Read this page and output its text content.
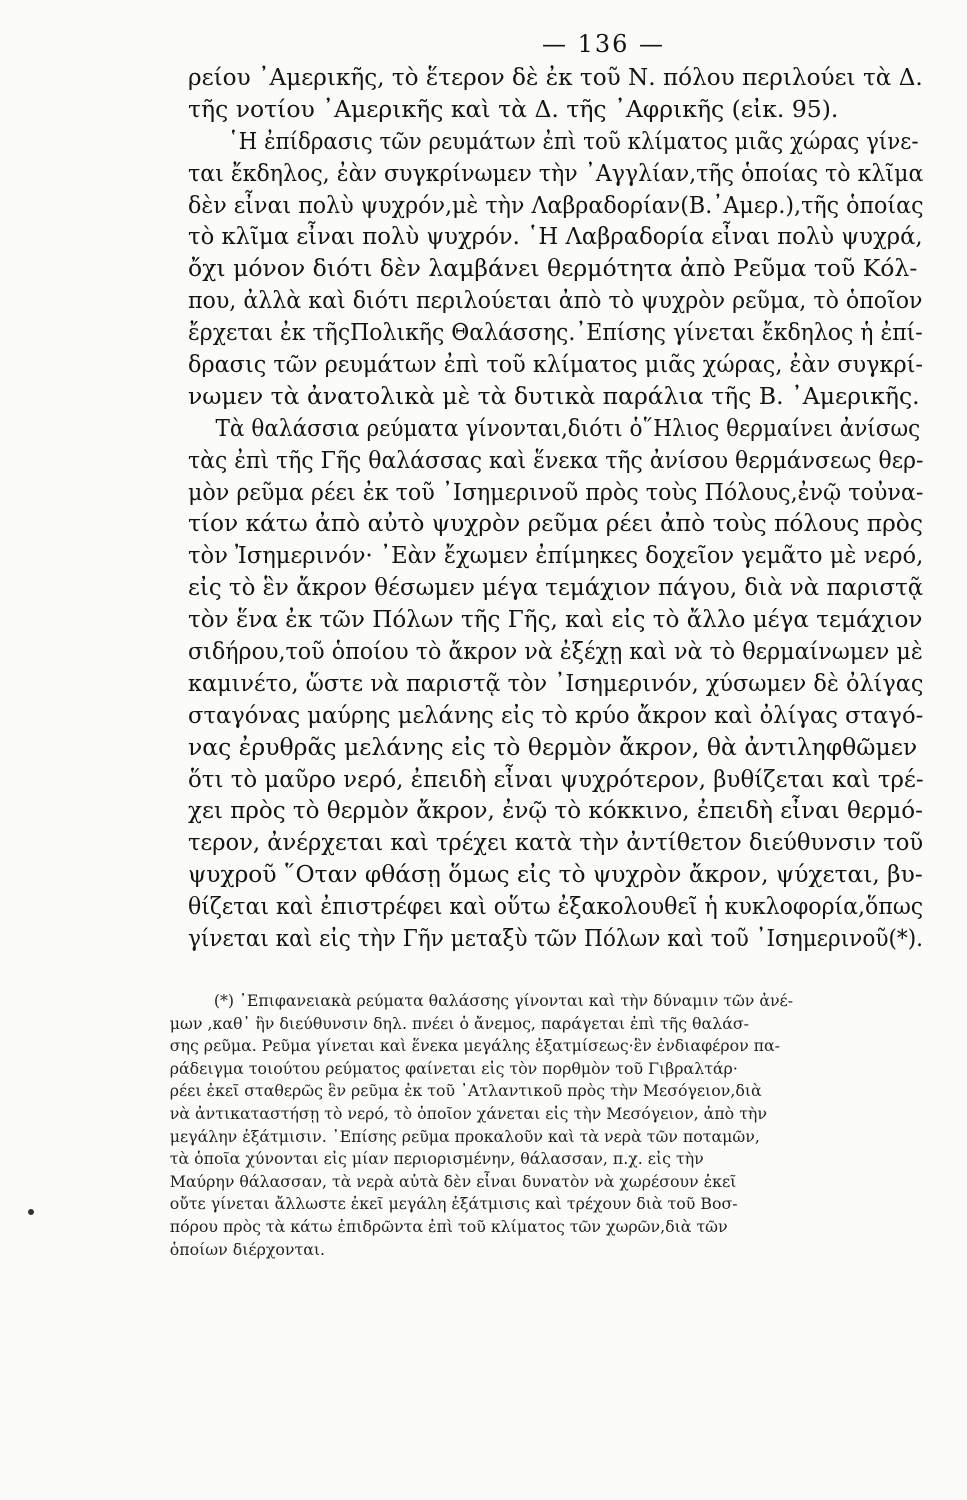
— 136 —
ρείου ᾿Αμερικῆς, τὸ ἕτερον δὲ ἐκ τοῦ Ν. πόλου περιλούει τὰ Δ.
τῆς νοτίου ᾿Αμερικῆς καὶ τὰ Δ. τῆς ᾿Αφρικῆς (εἰκ. 95).
῾Η ἐπίδρασις τῶν ρευμάτων ἐπὶ τοῦ κλίματος μιᾶς χώρας γίνε-
ται ἔκδηλος, ἐὰν συγκρίνωμεν τὴν ᾿Αγγλίαν,τῆς ὁποίας τὸ κλῖμα
δὲν εἶναι πολὺ ψυχρόν,μὲ τὴν Λαβραδορίαν(Β.᾿Αμερ.),τῆς ὁποίας
τὸ κλῖμα εἶναι πολὺ ψυχρόν. ῾Η Λαβραδορία εἶναι πολὺ ψυχρά,
ὄχι μόνον διότι δὲν λαμβάνει θερμότητα ἀπὸ Ρεῦμα τοῦ Κόλ-
που, ἀλλὰ καὶ διότι περιλούεται ἀπὸ τὸ ψυχρὸν ρεῦμα, τὸ ὁποῖον
ἔρχεται ἐκ τῆςΠολικῆς Θαλάσσης.᾿Επίσης γίνεται ἔκδηλος ἡ ἐπί-
δρασις τῶν ρευμάτων ἐπὶ τοῦ κλίματος μιᾶς χώρας, ἐὰν συγκρί-
νωμεν τὰ ἀνατολικὰ μὲ τὰ δυτικὰ παράλια τῆς Β. ᾿Αμερικῆς.
Τὰ θαλάσσια ρεύματα γίνονται,διότι ὁ῞Ηλιος θερμαίνει ἀνίσως
τὰς ἐπὶ τῆς Γῆς θαλάσσας καὶ ἕνεκα τῆς ἀνίσου θερμάνσεως θερ-
μὸν ρεῦμα ρέει ἐκ τοῦ ᾿Ισημερινοῦ πρὸς τοὺς Πόλους,ἐνῷ τοὐνα-
τίον κάτω ἀπὸ αὐτὸ ψυχρὸν ρεῦμα ρέει ἀπὸ τοὺς πόλους πρὸς
τὸν Ἰσημερινόν· ᾿Εὰν ἔχωμεν ἐπίμηκες δοχεῖον γεμᾶτο μὲ νερό,
εἰς τὸ ἓν ἄκρον θέσωμεν μέγα τεμάχιον πάγου, διὰ νὰ παριστᾷ
τὸν ἕνα ἐκ τῶν Πόλων τῆς Γῆς, καὶ εἰς τὸ ἄλλο μέγα τεμάχιον
σιδήρου,τοῦ ὁποίου τὸ ἄκρον νὰ ἐξέχῃ καὶ νὰ τὸ θερμαίνωμεν μὲ
καμινέτο, ὥστε νὰ παριστᾷ τὸν ᾿Ισημερινόν, χύσωμεν δὲ ὀλίγας
σταγόνας μαύρης μελάνης εἰς τὸ κρύο ἄκρον καὶ ὀλίγας σταγό-
νας ἐρυθρᾶς μελάνης εἰς τὸ θερμὸν ἄκρον, θὰ ἀντιληφθῶμεν
ὅτι τὸ μαῦρο νερό, ἐπειδὴ εἶναι ψυχρότερον, βυθίζεται καὶ τρέ-
χει πρὸς τὸ θερμὸν ἄκρον, ἐνῷ τὸ κόκκινο, ἐπειδὴ εἶναι θερμό-
τερον, ἀνέρχεται καὶ τρέχει κατὰ τὴν ἀντίθετον διεύθυνσιν τοῦ
ψυχροῦ ῞Οταν φθάσῃ ὅμως εἰς τὸ ψυχρὸν ἄκρον, ψύχεται, βυ-
θίζεται καὶ ἐπιστρέφει καὶ οὕτω ἐξακολουθεῖ ἡ κυκλοφορία,ὅπως
γίνεται καὶ εἰς τὴν Γῆν μεταξὺ τῶν Πόλων καὶ τοῦ ᾿Ισημερινοῦ(*).
(*) ᾿Επιφανειακὰ ρεύματα θαλάσσης γίνονται καὶ τὴν δύναμιν τῶν ἀνέ-
μων ,καθ᾿ ἣν διεύθυνσιν δηλ. πνέει ὁ ἄνεμος, παράγεται ἐπὶ τῆς θαλάσ-
σης ρεῦμα. Ρεῦμα γίνεται καὶ ἕνεκα μεγάλης ἐξατμίσεως·ἓν ἐνδιαφέρον πα-
ράδειγμα τοιούτου ρεύματος φαίνεται εἰς τὸν πορθμὸν τοῦ Γιβραλτάρ·
ρέει ἐκεῖ σταθερῶς ἓν ρεῦμα ἐκ τοῦ ᾿Ατλαντικοῦ πρὸς τὴν Μεσόγειον,διὰ
νὰ ἀντικαταστήσῃ τὸ νερό, τὸ ὁποῖον χάνεται εἰς τὴν Μεσόγειον, ἀπὸ τὴν
μεγάλην ἐξάτμισιν. ᾿Επίσης ρεῦμα προκαλοῦν καὶ τὰ νερὰ τῶν ποταμῶν,
τὰ ὁποῖα χύνονται εἰς μίαν περιορισμένην, θάλασσαν, π.χ. εἰς τὴν
Μαύρην θάλασσαν, τὰ νερὰ αὐτὰ δὲν εἶναι δυνατὸν νὰ χωρέσουν ἐκεῖ
οὔτε γίνεται ἄλλωστε ἐκεῖ μεγάλη ἐξάτμισις καὶ τρέχουν διὰ τοῦ Βοσ-
πόρου πρὸς τὰ κάτω ἐπιδρῶντα ἐπὶ τοῦ κλίματος τῶν χωρῶν,διὰ τῶν
ὁποίων διέρχονται.
